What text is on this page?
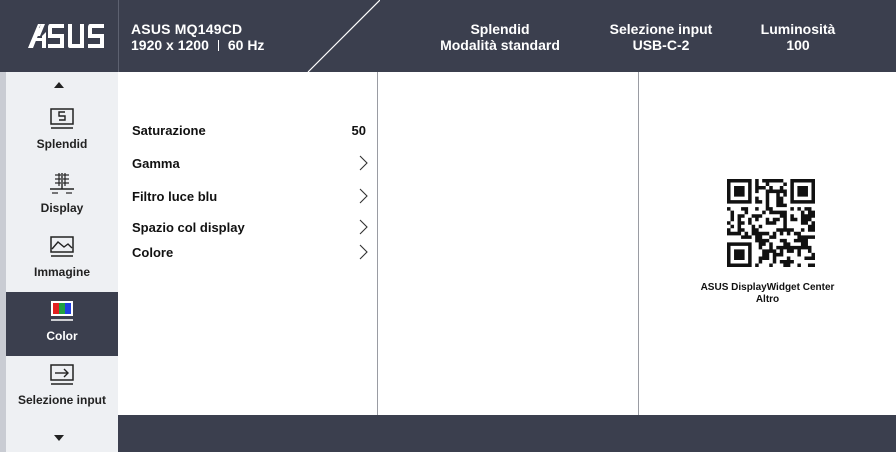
ASUS MQ149CD
1920 x 1200 60 Hz
Splendid
Modalità standard
Selezione input
USB-C-2
Luminosità
100
Splendid
Display
Immagine
Color
Selezione input
Saturazione	50
Gamma
Filtro luce blu
Spazio col display
Colore
ASUS DisplayWidget Center
Altro
